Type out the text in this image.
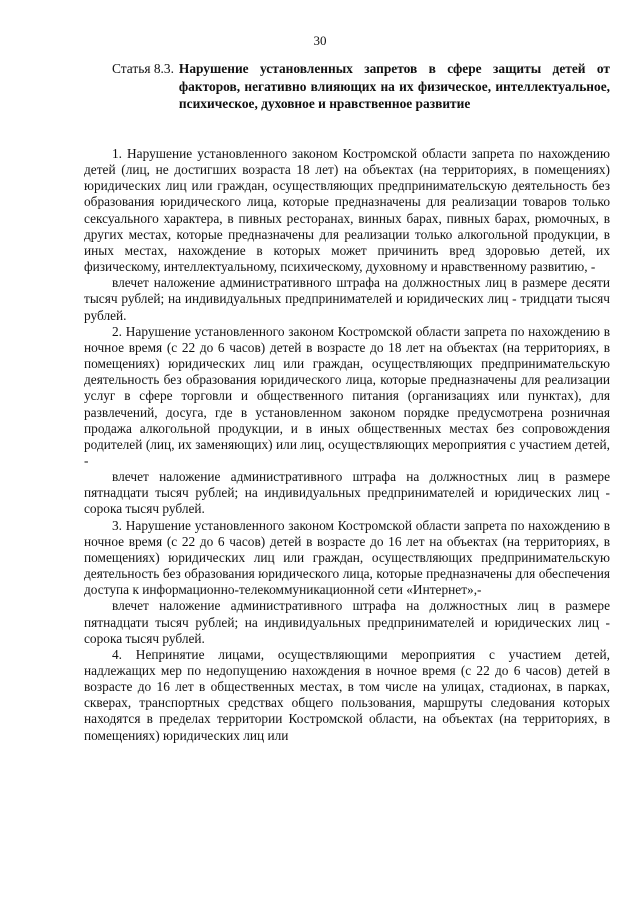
30
Статья 8.3. Нарушение установленных запретов в сфере защиты детей от факторов, негативно влияющих на их физическое, интеллектуальное, психическое, духовное и нравственное развитие

1. Нарушение установленного законом Костромской области запрета по нахождению детей (лиц, не достигших возраста 18 лет) на объектах (на территориях, в помещениях) юридических лиц или граждан, осуществляющих предпринимательскую деятельность без образования юридического лица, которые предназначены для реализации товаров только сексуального характера, в пивных ресторанах, винных барах, пивных барах, рюмочных, в других местах, которые предназначены для реализации только алкогольной продукции, в иных местах, нахождение в которых может причинить вред здоровью детей, их физическому, интеллектуальному, психическому, духовному и нравственному развитию, -

влечет наложение административного штрафа на должностных лиц в размере десяти тысяч рублей; на индивидуальных предпринимателей и юридических лиц - тридцати тысяч рублей.

2. Нарушение установленного законом Костромской области запрета по нахождению в ночное время (с 22 до 6 часов) детей в возрасте до 18 лет на объектах (на территориях, в помещениях) юридических лиц или граждан, осуществляющих предпринимательскую деятельность без образования юридического лица, которые предназначены для реализации услуг в сфере торговли и общественного питания (организациях или пунктах), для развлечений, досуга, где в установленном законом порядке предусмотрена розничная продажа алкогольной продукции, и в иных общественных местах без сопровождения родителей (лиц, их заменяющих) или лиц, осуществляющих мероприятия с участием детей, -

влечет наложение административного штрафа на должностных лиц в размере пятнадцати тысяч рублей; на индивидуальных предпринимателей и юридических лиц - сорока тысяч рублей.

3. Нарушение установленного законом Костромской области запрета по нахождению в ночное время (с 22 до 6 часов) детей в возрасте до 16 лет на объектах (на территориях, в помещениях) юридических лиц или граждан, осуществляющих предпринимательскую деятельность без образования юридического лица, которые предназначены для обеспечения доступа к информационно-телекоммуникационной сети «Интернет»,-

влечет наложение административного штрафа на должностных лиц в размере пятнадцати тысяч рублей; на индивидуальных предпринимателей и юридических лиц - сорока тысяч рублей.

4. Непринятие лицами, осуществляющими мероприятия с участием детей, надлежащих мер по недопущению нахождения в ночное время (с 22 до 6 часов) детей в возрасте до 16 лет в общественных местах, в том числе на улицах, стадионах, в парках, скверах, транспортных средствах общего пользования, маршруты следования которых находятся в пределах территории Костромской области, на объектах (на территориях, в помещениях) юридических лиц или
